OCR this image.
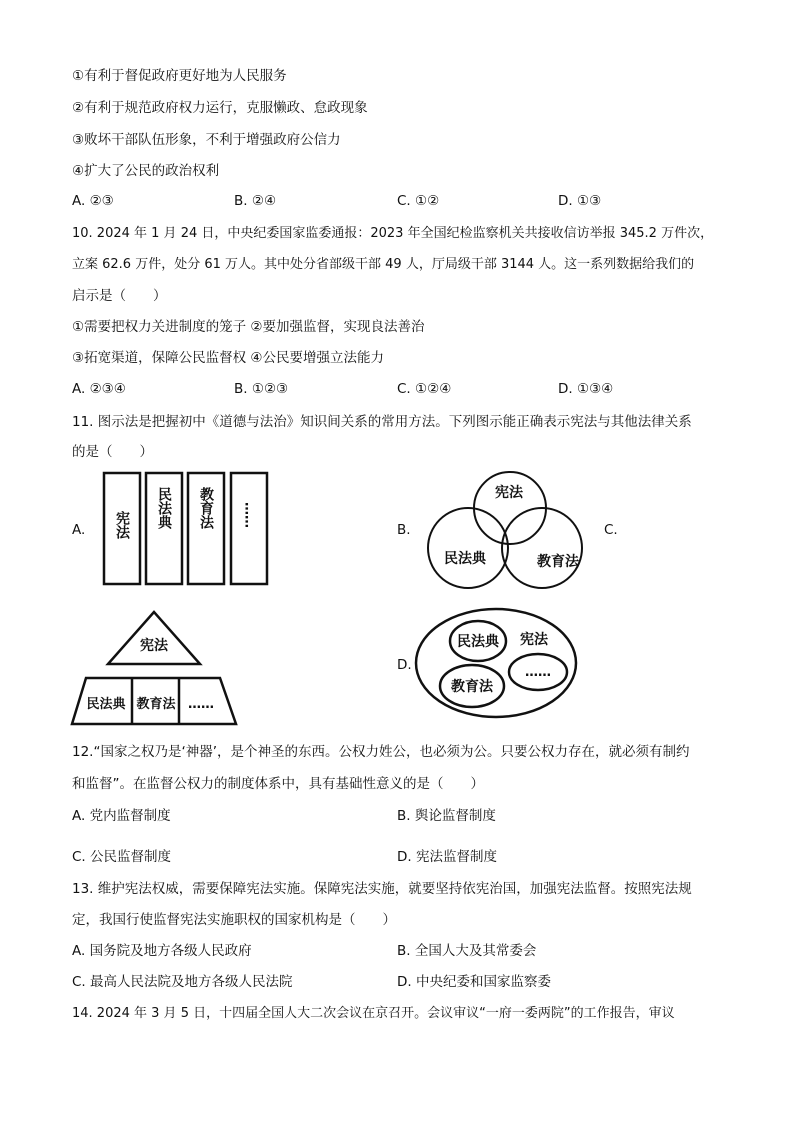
①有利于督促政府更好地为人民服务
②有利于规范政府权力运行，克服懒政、怠政现象
③败坏干部队伍形象，不利于增强政府公信力
④扩大了公民的政治权利
A. ②③	B. ②④	C. ①②	D. ①③
10. 2024 年 1 月 24 日，中央纪委国家监委通报：2023 年全国纪检监察机关共接收信访举报 345.2 万件次，
立案 62.6 万件，处分 61 万人。其中处分省部级干部 49 人，厅局级干部 3144 人。这一系列数据给我们的
启示是（　　）
①需要把权力关进制度的笼子 ②要加强监督，实现良法善治
③拓宽渠道，保障公民监督权 ④公民要增强立法能力
A. ②③④	B. ①②③	C. ①②④	D. ①③④
11. 图示法是把握初中《道德与法治》知识间关系的常用方法。下列图示能正确表示宪法与其他法律关系
的是（　　）
A. 宪法 民法典 教育法 ……
B.
宪法
民法典	教育法
C.
宪法
民法典 教育法 ……
D.
民法典 宪法
教育法
……
12.“国家之权乃是‘神器’，是个神圣的东西。公权力姓公，也必须为公。只要公权力存在，就必须有制约
和监督”。在监督公权力的制度体系中，具有基础性意义的是（　　）
A. 党内监督制度	B. 舆论监督制度
C. 公民监督制度	D. 宪法监督制度
13. 维护宪法权威，需要保障宪法实施。保障宪法实施，就要坚持依宪治国，加强宪法监督。按照宪法规
定，我国行使监督宪法实施职权的国家机构是（　　）
A. 国务院及地方各级人民政府	B. 全国人大及其常委会
C. 最高人民法院及地方各级人民法院	D. 中央纪委和国家监察委
14. 2024 年 3 月 5 日，十四届全国人大二次会议在京召开。会议审议“一府一委两院”的工作报告，审议
